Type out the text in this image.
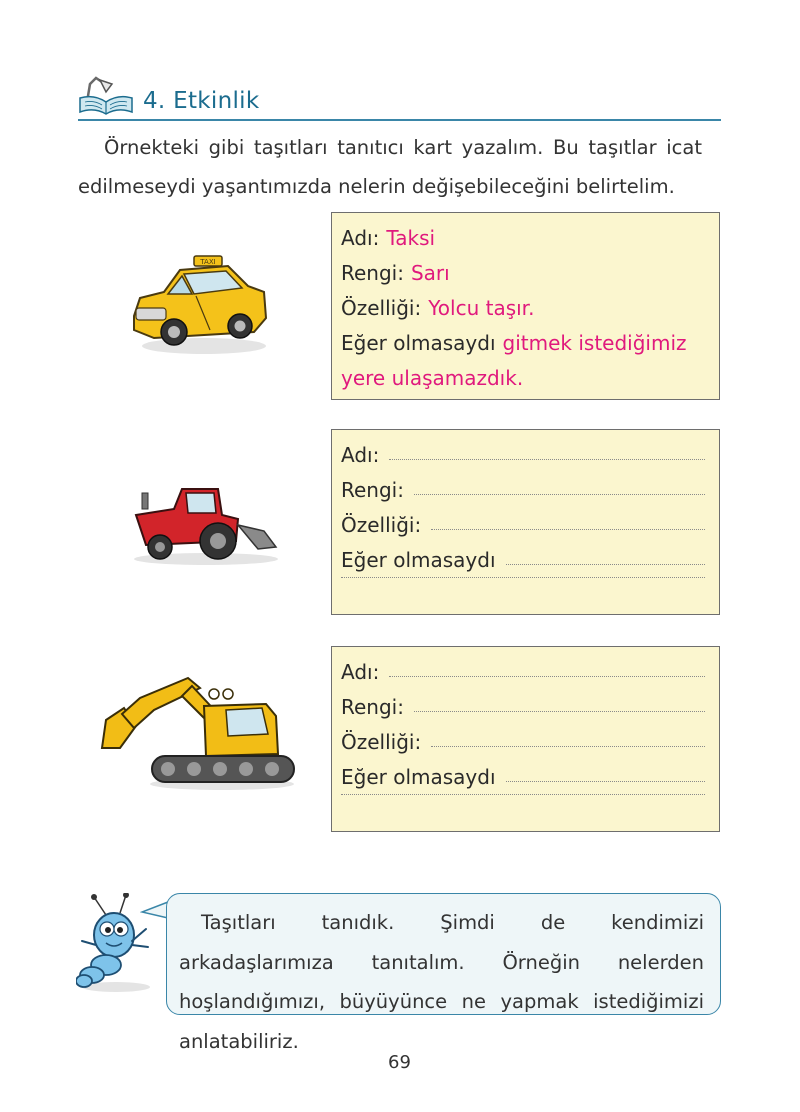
4. Etkinlik
Örnekteki gibi taşıtları tanıtıcı kart yazalım. Bu taşıtlar icat edilmeseydi yaşantımızda nelerin değişebileceğini belirtelim.
TAXI
Adı: Taksi
Rengi: Sarı
Özelliği: Yolcu taşır.
Eğer olmasaydı gitmek istediğimiz
yere ulaşamazdık.
Adı:
Rengi:
Özelliği:
Eğer olmasaydı
Adı:
Rengi:
Özelliği:
Eğer olmasaydı
Taşıtları tanıdık. Şimdi de kendimizi arkadaşlarımıza tanıtalım. Örneğin nelerden hoşlandığımızı, büyüyünce ne yapmak istediğimizi anlatabiliriz.
69
